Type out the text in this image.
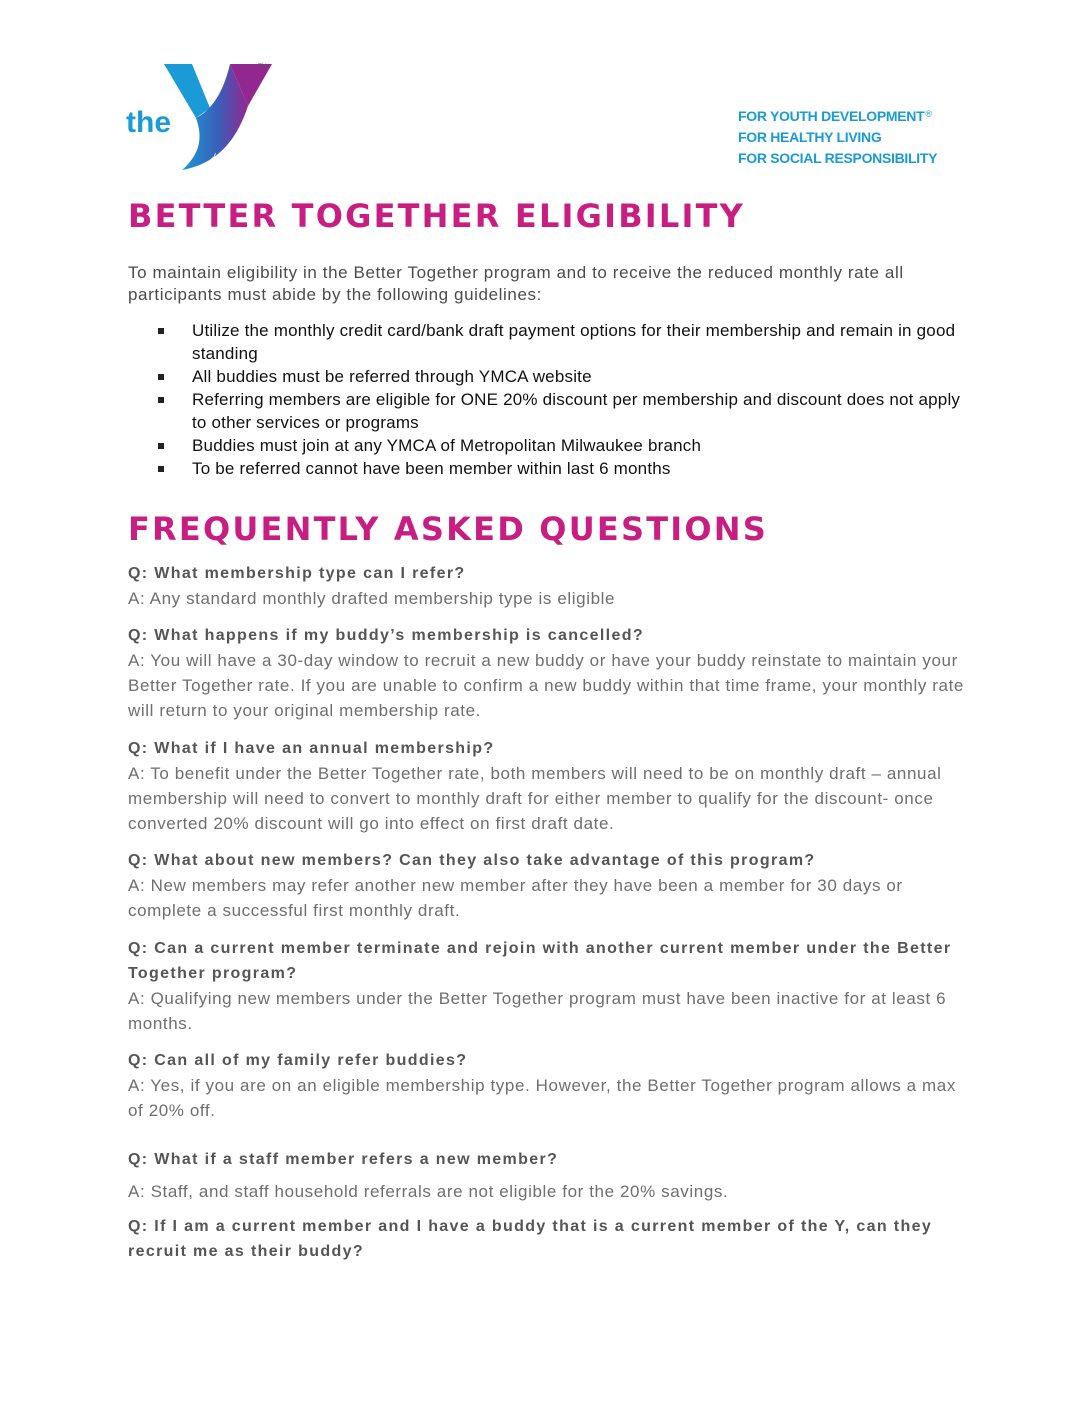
the
YMCA
TM
FOR YOUTH DEVELOPMENT®
FOR HEALTHY LIVING
FOR SOCIAL RESPONSIBILITY
BETTER TOGETHER ELIGIBILITY

To maintain eligibility in the Better Together program and to receive the reduced monthly rate all participants must abide by the following guidelines:

Utilize the monthly credit card/bank draft payment options for their membership and remain in good standing
All buddies must be referred through YMCA website
Referring members are eligible for ONE 20% discount per membership and discount does not apply to other services or programs
Buddies must join at any YMCA of Metropolitan Milwaukee branch
To be referred cannot have been member within last 6 months
FREQUENTLY ASKED QUESTIONS

Q: What membership type can I refer?

A: Any standard monthly drafted membership type is eligible

Q: What happens if my buddy’s membership is cancelled?

A: You will have a 30-day window to recruit a new buddy or have your buddy reinstate to maintain your Better Together rate. If you are unable to confirm a new buddy within that time frame, your monthly rate will return to your original membership rate.

Q: What if I have an annual membership?

A: To benefit under the Better Together rate, both members will need to be on monthly draft – annual membership will need to convert to monthly draft for either member to qualify for the discount- once converted 20% discount will go into effect on first draft date.

Q: What about new members? Can they also take advantage of this program?

A: New members may refer another new member after they have been a member for 30 days or complete a successful first monthly draft.

Q: Can a current member terminate and rejoin with another current member under the Better Together program?

A: Qualifying new members under the Better Together program must have been inactive for at least 6 months.

Q: Can all of my family refer buddies?

A: Yes, if you are on an eligible membership type. However, the Better Together program allows a max of 20% off.

Q: What if a staff member refers a new member?

A: Staff, and staff household referrals are not eligible for the 20% savings.

Q: If I am a current member and I have a buddy that is a current member of the Y, can they recruit me as their buddy?
